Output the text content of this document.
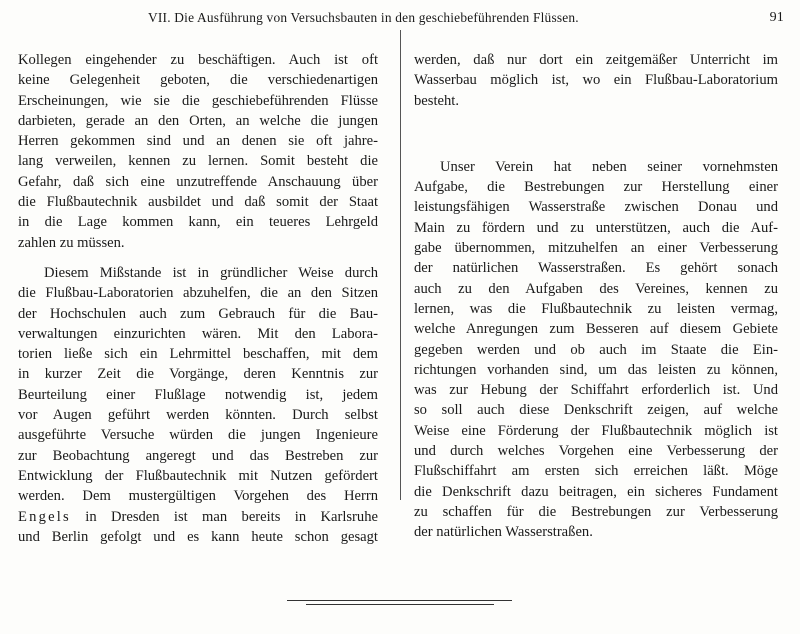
VII. Die Ausführung von Versuchsbauten in den geschiebeführenden Flüssen.	91

Kollegen eingehender zu beschäftigen. Auch ist oft
keine Gelegenheit geboten, die verschiedenartigen
Erscheinungen, wie sie die geschiebeführenden Flüsse
darbieten, gerade an den Orten, an welche die jungen
Herren gekommen sind und an denen sie oft jahre-
lang verweilen, kennen zu lernen. Somit besteht die
Gefahr, daß sich eine unzutreffende Anschauung über
die Flußbautechnik ausbildet und daß somit der Staat
in die Lage kommen kann, ein teueres Lehrgeld
zahlen zu müssen.

Diesem Mißstande ist in gründlicher Weise durch
die Flußbau-Laboratorien abzuhelfen, die an den Sitzen
der Hochschulen auch zum Gebrauch für die Bau-
verwaltungen einzurichten wären. Mit den Labora-
torien ließe sich ein Lehrmittel beschaffen, mit dem
in kurzer Zeit die Vorgänge, deren Kenntnis zur
Beurteilung einer Flußlage notwendig ist, jedem
vor Augen geführt werden könnten. Durch selbst
ausgeführte Versuche würden die jungen Ingenieure
zur Beobachtung angeregt und das Bestreben zur
Entwicklung der Flußbautechnik mit Nutzen gefördert
werden. Dem mustergültigen Vorgehen des Herrn
Engels in Dresden ist man bereits in Karlsruhe
und Berlin gefolgt und es kann heute schon gesagt

werden, daß nur dort ein zeitgemäßer Unterricht im
Wasserbau möglich ist, wo ein Flußbau-Laboratorium
besteht.

Unser Verein hat neben seiner vornehmsten
Aufgabe, die Bestrebungen zur Herstellung einer
leistungsfähigen Wasserstraße zwischen Donau und
Main zu fördern und zu unterstützen, auch die Auf-
gabe übernommen, mitzuhelfen an einer Verbesserung
der natürlichen Wasserstraßen. Es gehört sonach
auch zu den Aufgaben des Vereines, kennen zu
lernen, was die Flußbautechnik zu leisten vermag,
welche Anregungen zum Besseren auf diesem Gebiete
gegeben werden und ob auch im Staate die Ein-
richtungen vorhanden sind, um das leisten zu können,
was zur Hebung der Schiffahrt erforderlich ist. Und
so soll auch diese Denkschrift zeigen, auf welche
Weise eine Förderung der Flußbautechnik möglich ist
und durch welches Vorgehen eine Verbesserung der
Flußschiffahrt am ersten sich erreichen läßt. Möge
die Denkschrift dazu beitragen, ein sicheres Fundament
zu schaffen für die Bestrebungen zur Verbesserung
der natürlichen Wasserstraßen.
